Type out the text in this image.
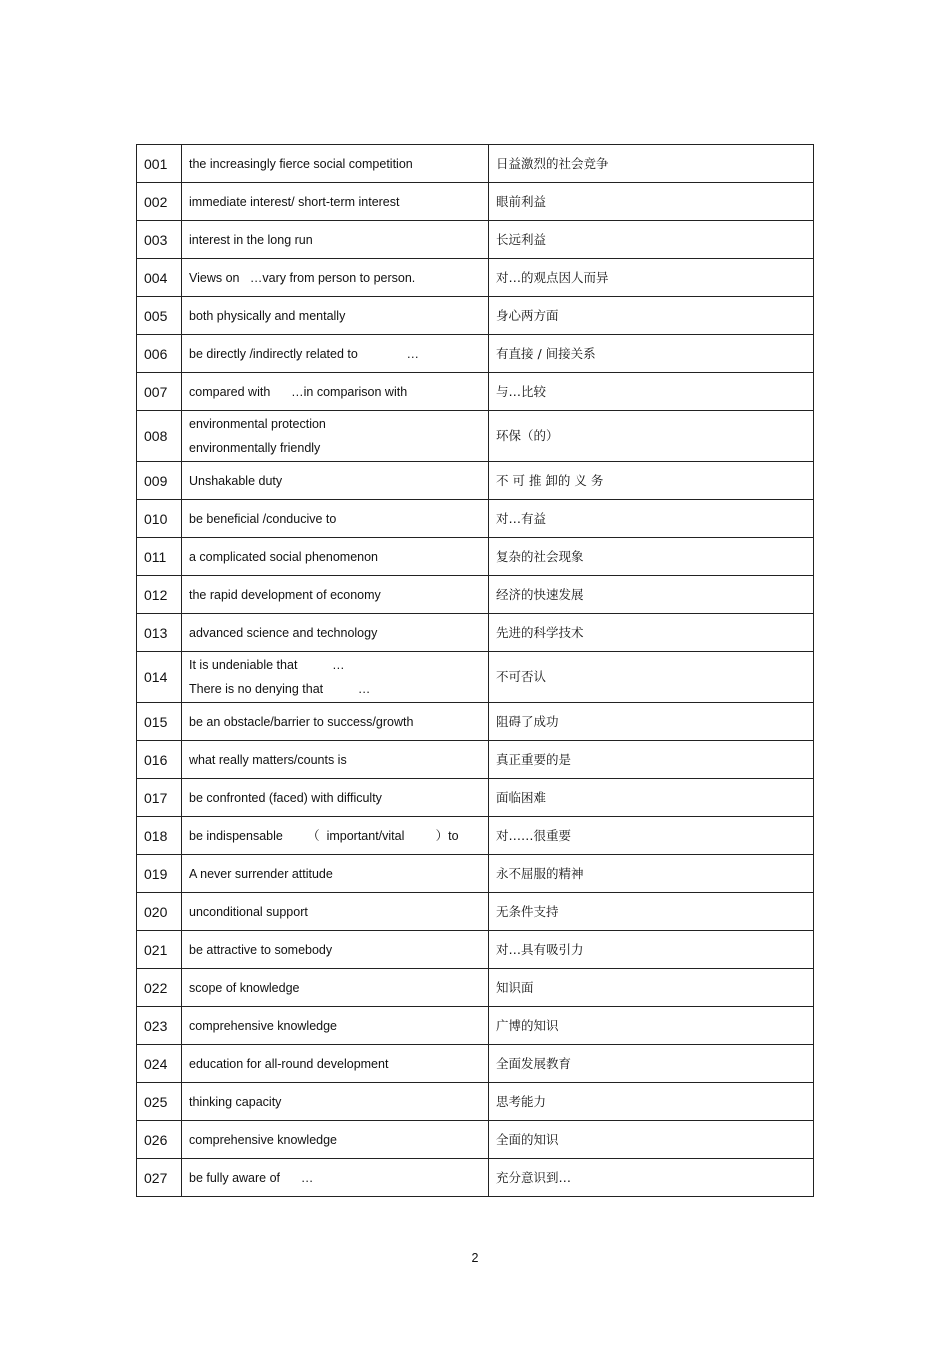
001	the increasingly fierce social competition	日益激烈的社会竞争
002	immediate interest/ short-term interest	眼前利益
003	interest in the long run	长远利益
004	Views on   …vary from person to person.	对…的观点因人而异
005	both physically and mentally	身心两方面
006	be directly /indirectly related to              …	有直接 / 间接关系
007	compared with      …in comparison with	与…比较
008	environmental protection
environmentally friendly	环保（的）
009	Unshakable duty	不 可 推 卸的 义 务
010	be beneficial /conducive to	对…有益
011	a complicated social phenomenon	复杂的社会现象
012	the rapid development of economy	经济的快速发展
013	advanced science and technology	先进的科学技术
014	It is undeniable that          …
There is no denying that          …	不可否认
015	be an obstacle/barrier to success/growth	阻碍了成功
016	what really matters/counts is	真正重要的是
017	be confronted (faced) with difficulty	面临困难
018	be indispensable       （  important/vital         ）to	对……很重要
019	A never surrender attitude	永不屈服的精神
020	unconditional support	无条件支持
021	be attractive to somebody	对…具有吸引力
022	scope of knowledge	知识面
023	comprehensive knowledge	广博的知识
024	education for all-round development	全面发展教育
025	thinking capacity	思考能力
026	comprehensive knowledge	全面的知识
027	be fully aware of      …	充分意识到…
2
